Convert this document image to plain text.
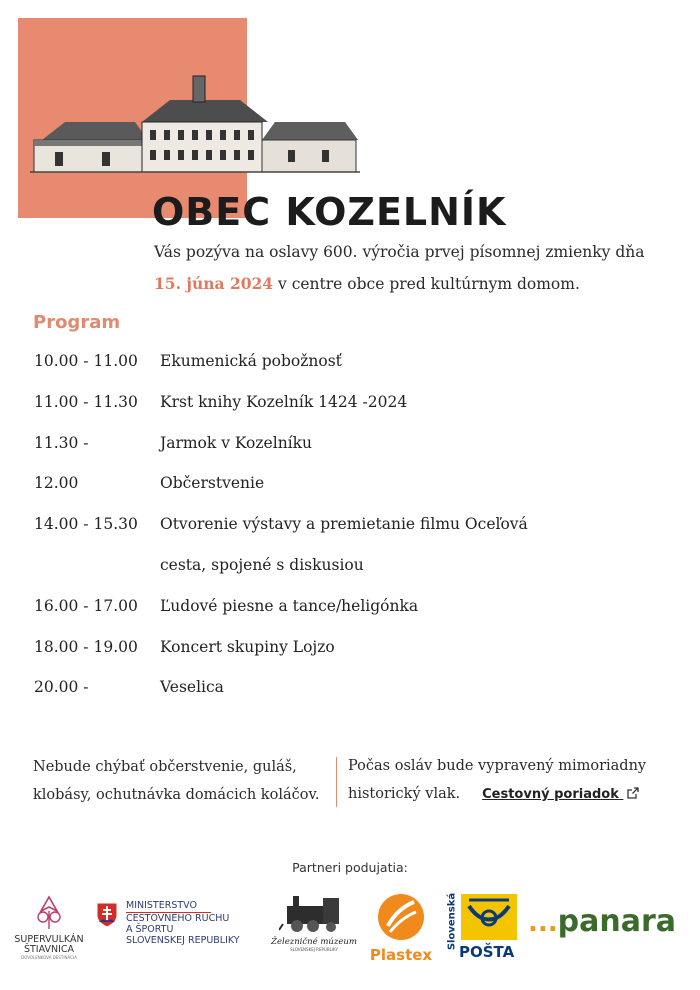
OBEC KOZELNÍK
Vás pozýva na oslavy 600. výročia prvej písomnej zmienky dňa
15. júna 2024 v centre obce pred kultúrnym domom.
Program
10.00 - 11.00 Ekumenická pobožnosť
11.00 - 11.30 Krst knihy Kozelník 1424 -2024
11.30 -	Jarmok v Kozelníku
12.00	Občerstvenie
14.00 - 15.30 Otvorenie výstavy a premietanie filmu Oceľová
cesta, spojené s diskusiou
16.00 - 17.00 Ľudové piesne a tance/heligónka
18.00 - 19.00 Koncert skupiny Lojzo
20.00 -	Veselica
Nebude chýbať občerstvenie, guláš,
klobásy, ochutnávka domácich koláčov.
Počas osláv bude vypravený mimoriadny
historický vlak. Cestovný poriadok
Partneri podujatia:
SUPERVULKÁN
ŠTIAVNICA
DOVOLENKOVÁ DESTINÁCIA
MINISTERSTVO
CESTOVNÉHO RUCHU
A ŠPORTU
SLOVENSKEJ REPUBLIKY	Železničné múzeum
SLOVENSKEJ REPUBLIKY	Plastex
Slovenská
POŠTA
...panara
